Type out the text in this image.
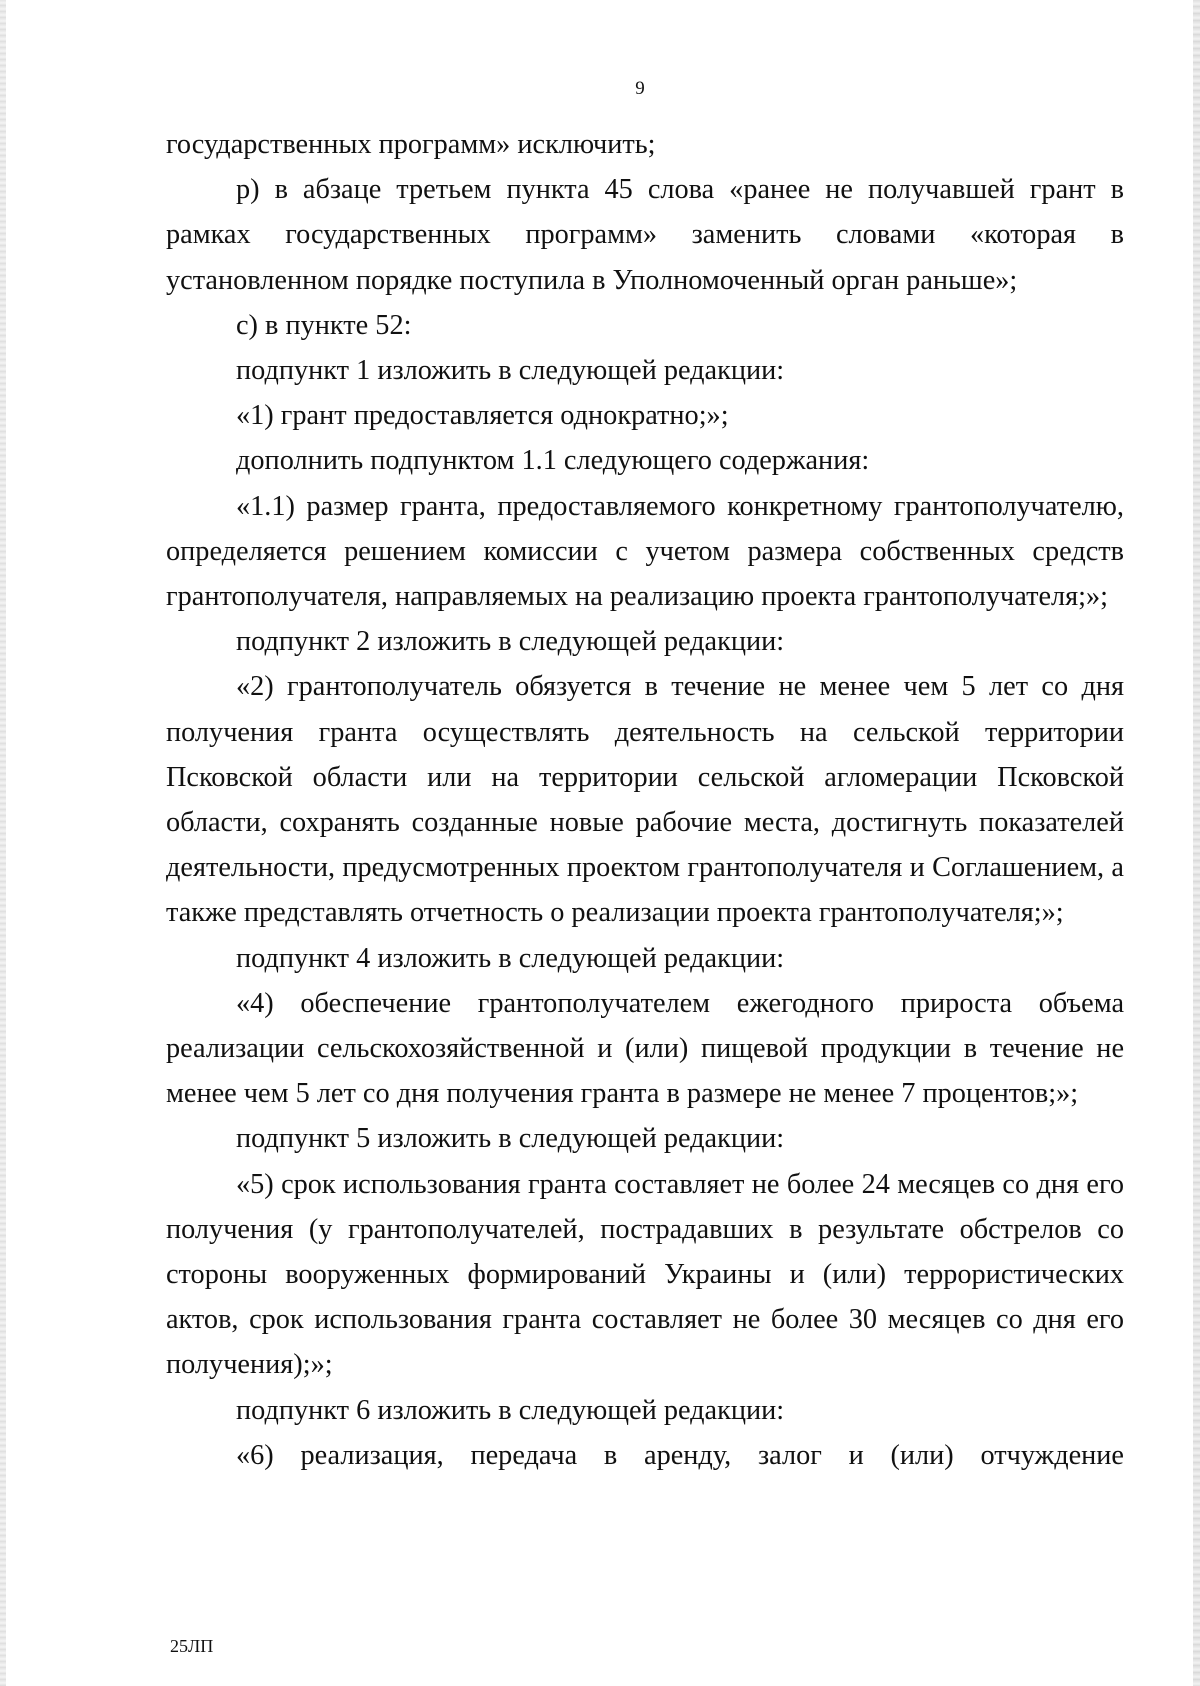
9

государственных программ» исключить;

р) в абзаце третьем пункта 45 слова «ранее не получавшей грант в рамках государственных программ» заменить словами «которая в установленном порядке поступила в Уполномоченный орган раньше»;

с) в пункте 52:

подпункт 1 изложить в следующей редакции:

«1) грант предоставляется однократно;»;

дополнить подпунктом 1.1 следующего содержания:

«1.1) размер гранта, предоставляемого конкретному грантополучателю, определяется решением комиссии с учетом размера собственных средств грантополучателя, направляемых на реализацию проекта грантополучателя;»;

подпункт 2 изложить в следующей редакции:

«2) грантополучатель обязуется в течение не менее чем 5 лет со дня получения гранта осуществлять деятельность на сельской территории Псковской области или на территории сельской агломерации Псковской области, сохранять созданные новые рабочие места, достигнуть показателей деятельности, предусмотренных проектом грантополучателя и Соглашением, а также представлять отчетность о реализации проекта грантополучателя;»;

подпункт 4 изложить в следующей редакции:

«4) обеспечение грантополучателем ежегодного прироста объема реализации сельскохозяйственной и (или) пищевой продукции в течение не менее чем 5 лет со дня получения гранта в размере не менее 7 процентов;»;

подпункт 5 изложить в следующей редакции:

«5) срок использования гранта составляет не более 24 месяцев со дня его получения (у грантополучателей, пострадавших в результате обстрелов со стороны вооруженных формирований Украины и (или) террористических актов, срок использования гранта составляет не более 30 месяцев со дня его получения);»;

подпункт 6 изложить в следующей редакции:

«6) реализация, передача в аренду, залог и (или) отчуждение

25ЛП
